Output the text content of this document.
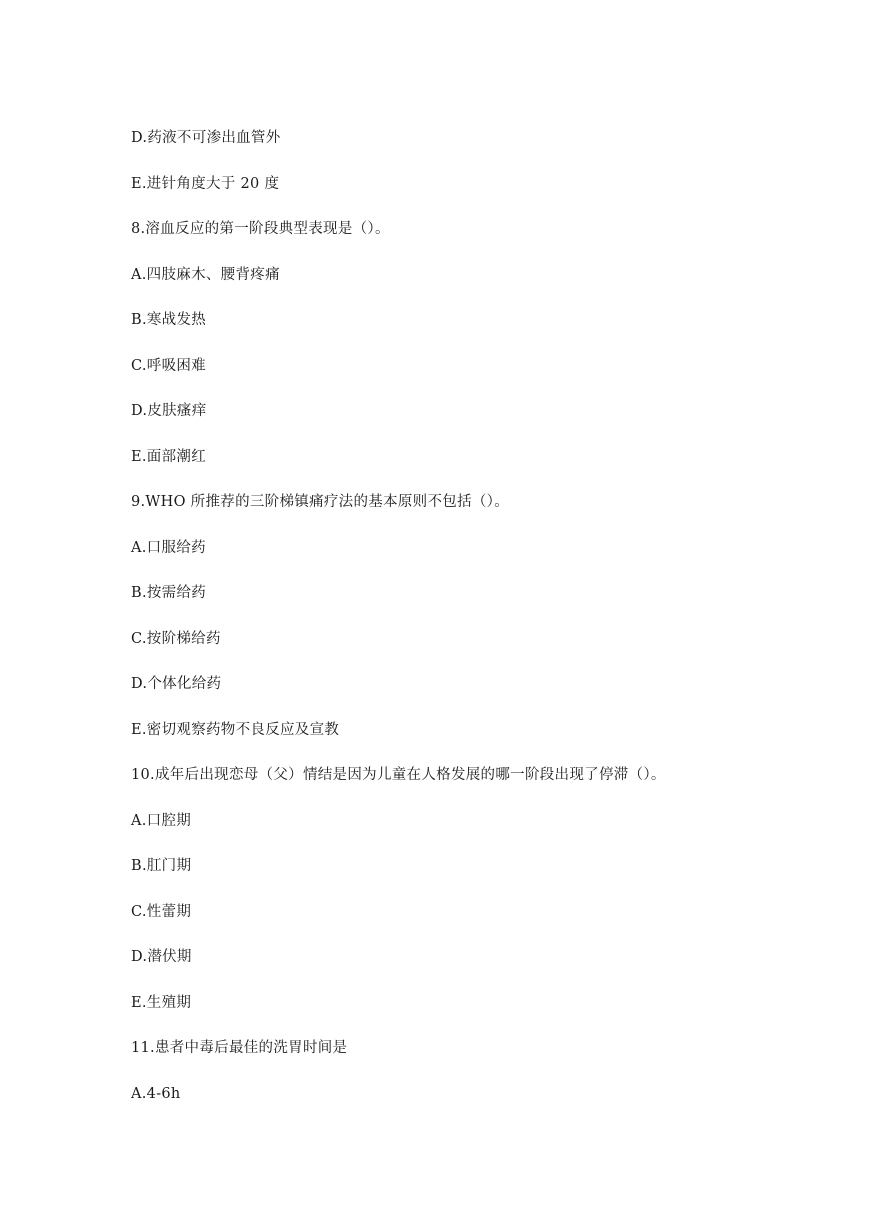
D.药液不可渗出血管外
E.进针角度大于 20 度
8.溶血反应的第一阶段典型表现是（）。
A.四肢麻木、腰背疼痛
B.寒战发热
C.呼吸困难
D.皮肤瘙痒
E.面部潮红
9.WHO 所推荐的三阶梯镇痛疗法的基本原则不包括（）。
A.口服给药
B.按需给药
C.按阶梯给药
D.个体化给药
E.密切观察药物不良反应及宣教
10.成年后出现恋母（父）情结是因为儿童在人格发展的哪一阶段出现了停滞（）。
A.口腔期
B.肛门期
C.性蕾期
D.潜伏期
E.生殖期
11.患者中毒后最佳的洗胃时间是
A.4-6h
